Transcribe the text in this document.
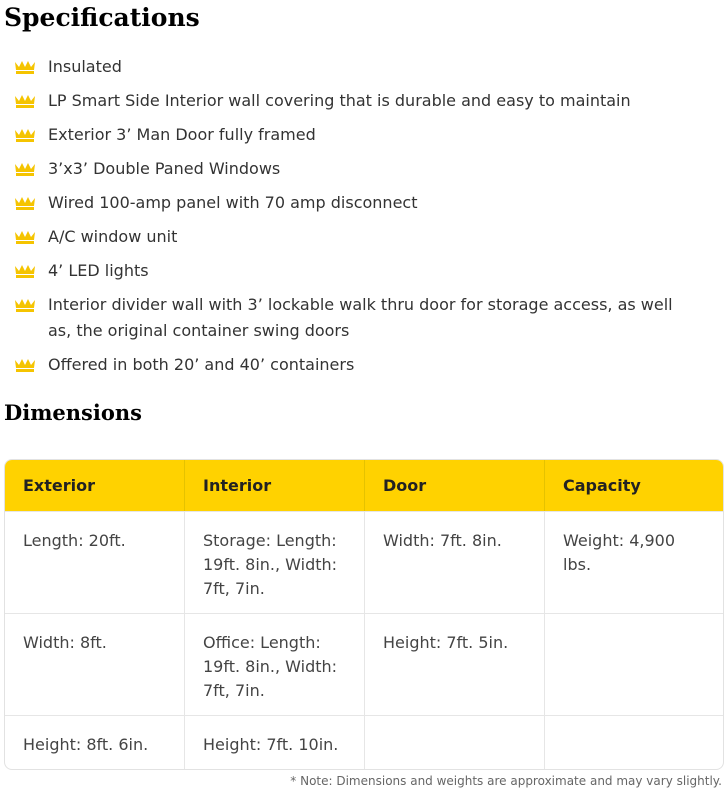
Specifications
Insulated
LP Smart Side Interior wall covering that is durable and easy to maintain
Exterior 3’ Man Door fully framed
3’x3’ Double Paned Windows
Wired 100-amp panel with 70 amp disconnect
A/C window unit
4’ LED lights
Interior divider wall with 3’ lockable walk thru door for storage access, as well as, the original container swing doors
Offered in both 20’ and 40’ containers
Dimensions
Exterior	Interior	Door	Capacity
Length: 20ft.	Storage: Length: 19ft. 8in., Width: 7ft, 7in.	Width: 7ft. 8in.	Weight: 4,900 lbs.
Width: 8ft.	Office: Length: 19ft. 8in., Width: 7ft, 7in.	Height: 7ft. 5in.	
Height: 8ft. 6in.	Height: 7ft. 10in.		
* Note: Dimensions and weights are approximate and may vary slightly.
